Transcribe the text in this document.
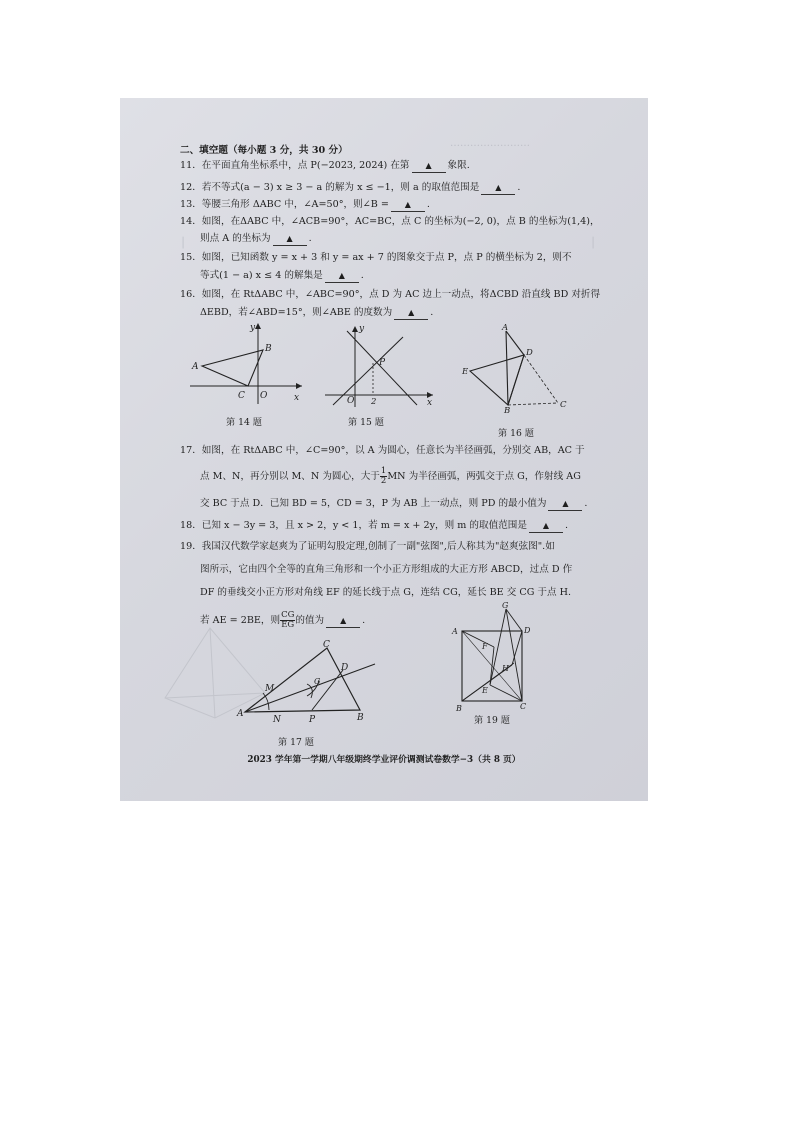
……………………
│	│
二、填空题（每小题 3 分，共 30 分）
11．在平面直角坐标系中，点 P(−2023, 2024) 在第 ▲ 象限.
12．若不等式(a − 3) x ≥ 3 − a 的解为 x ≤ −1，则 a 的取值范围是 ▲ .
13．等腰三角形 ΔABC 中，∠A=50°，则∠B = ▲ .
14．如图，在ΔABC 中，∠ACB=90°，AC=BC，点 C 的坐标为(−2, 0)，点 B 的坐标为(1,4)，
则点 A 的坐标为 ▲ .
15．如图，已知函数 y = x + 3 和 y = ax + 7 的图象交于点 P，点 P 的横坐标为 2，则不
等式(1 − a) x ≤ 4 的解集是 ▲ .
16．如图，在 RtΔABC 中，∠ABC=90°，点 D 为 AC 边上一动点，将ΔCBD 沿直线 BD 对折得
ΔEBD，若∠ABD=15°，则∠ABE 的度数为 ▲ .
A
B
C O	x
y
第 14 题
P
O 2	x
y
第 15 题
A
D
E
B
C
第 16 题
17．如图，在 RtΔABC 中，∠C=90°，以 A 为圆心，任意长为半径画弧，分别交 AB，AC 于
点 M、N，再分别以 M、N 为圆心，大于 $\frac{1}{2}$ MN 为半径画弧，两弧交于点 G，作射线 AG
交 BC 于点 D．已知 BD = 5，CD = 3，P 为 AB 上一动点，则 PD 的最小值为 ▲ .
18．已知 x − 3y = 3，且 x > 2，y < 1，若 m = x + 2y，则 m 的取值范围是 ▲ .
19．我国汉代数学家赵爽为了证明勾股定理,创制了一副"弦图",后人称其为"赵爽弦图".如
图所示，它由四个全等的直角三角形和一个小正方形组成的大正方形 ABCD，过点 D 作
DF 的垂线交小正方形对角线 EF 的延长线于点 G，连结 CG，延长 BE 交 CG 于点 H.
若 AE = 2BE，则 $\frac{CG}{EG}$ 的值为 ▲ .
C
D
M
G
A
N	P	B
第 17 题
G
A	D
F
H
E
B	C
第 19 题
2023 学年第一学期八年级期终学业评价调测试卷数学−3（共 8 页）
